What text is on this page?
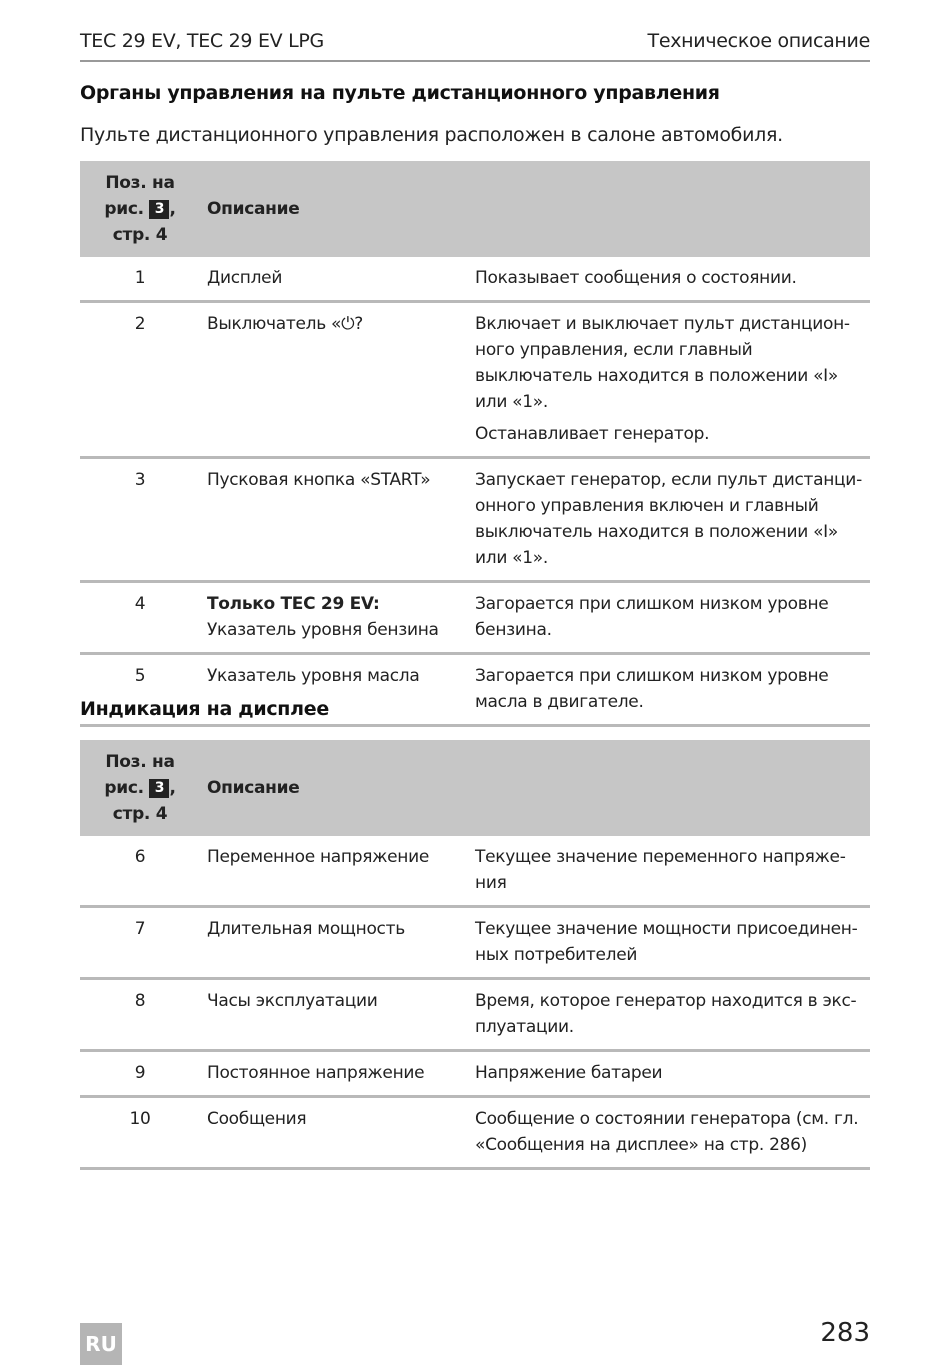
TEC 29 EV, TEC 29 EV LPG	Техническое описание
Органы управления на пульте дистанционного управления
Пульте дистанционного управления расположен в салоне автомобиля.
Поз. на
рис. 3 ,
стр. 4	Описание	
1	Дисплей	Показывает сообщения о состоянии.
2	Выключатель «⏻?	Включает и выключает пульт дистанционного управления, если главный выключатель находится в положении «I» или «1».
Останавливает генератор.

3	Пусковая кнопка «START»	Запускает генератор, если пульт дистанционного управления включен и главный выключатель находится в положении «I» или «1».
4	Только TEC 29 EV:
Указатель уровня бензина	Загорается при слишком низком уровне бензина.
5	Указатель уровня масла	Загорается при слишком низком уровне масла в двигателе.
Индикация на дисплее
Поз. на
рис. 3 ,
стр. 4	Описание	
6	Переменное напряжение	Текущее значение переменного напряжения
7	Длительная мощность	Текущее значение мощности присоединенных потребителей
8	Часы эксплуатации	Время, которое генератор находится в эксплуатации.
9	Постоянное напряжение	Напряжение батареи
10	Сообщения	Сообщение о состоянии генератора (см. гл. «Сообщения на дисплее» на стр. 286)
RU	283
